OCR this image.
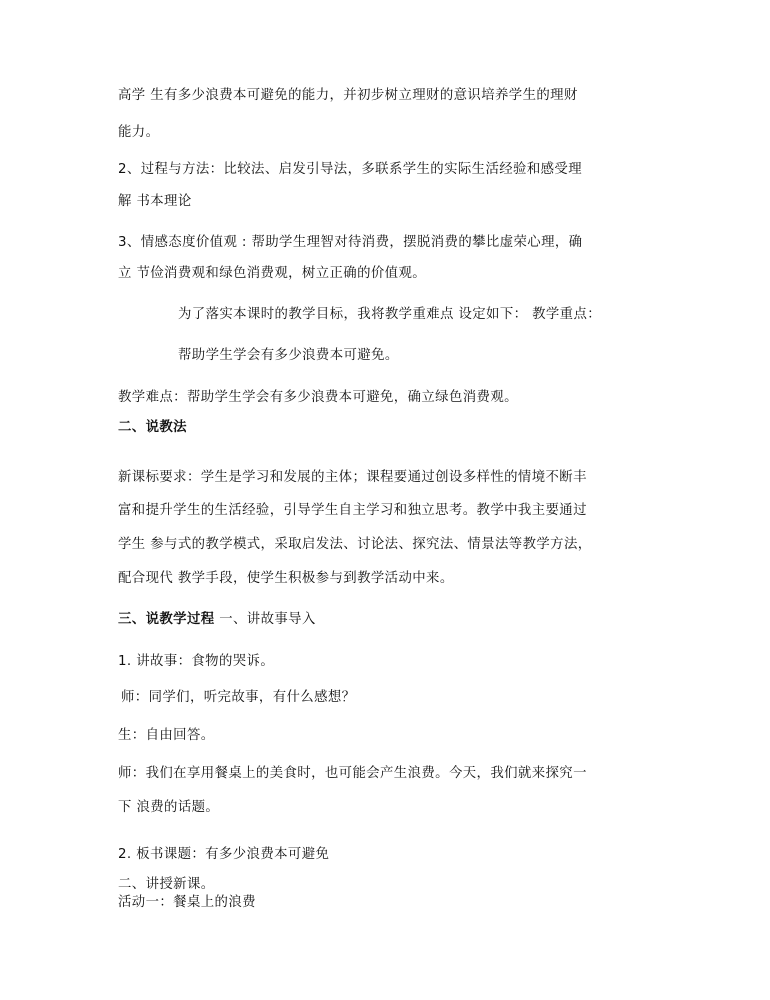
高学 生有多少浪费本可避免的能力，并初步树立理财的意识培养学生的理财
能力。
2、过程与方法：比较法、启发引导法，多联系学生的实际生活经验和感受理
解 书本理论
3、情感态度价值观 : 帮助学生理智对待消费，摆脱消费的攀比虚荣心理，确
立 节俭消费观和绿色消费观，树立正确的价值观。
为了落实本课时的教学目标，我将教学重难点 设定如下： 教学重点：
帮助学生学会有多少浪费本可避免。
教学难点：帮助学生学会有多少浪费本可避免，确立绿色消费观。
二、说教法
新课标要求：学生是学习和发展的主体；课程要通过创设多样性的情境不断丰
富和提升学生的生活经验，引导学生自主学习和独立思考。教学中我主要通过
学生 参与式的教学模式，采取启发法、讨论法、探究法、情景法等教学方法，
配合现代 教学手段，使学生积极参与到教学活动中来。
三、说教学过程 一、讲故事导入
1. 讲故事：食物的哭诉。
师：同学们，听完故事，有什么感想？
生：自由回答。
师：我们在享用餐桌上的美食时，也可能会产生浪费。今天，我们就来探究一
下 浪费的话题。
2. 板书课题：有多少浪费本可避免
二、讲授新课。
活动一：餐桌上的浪费
